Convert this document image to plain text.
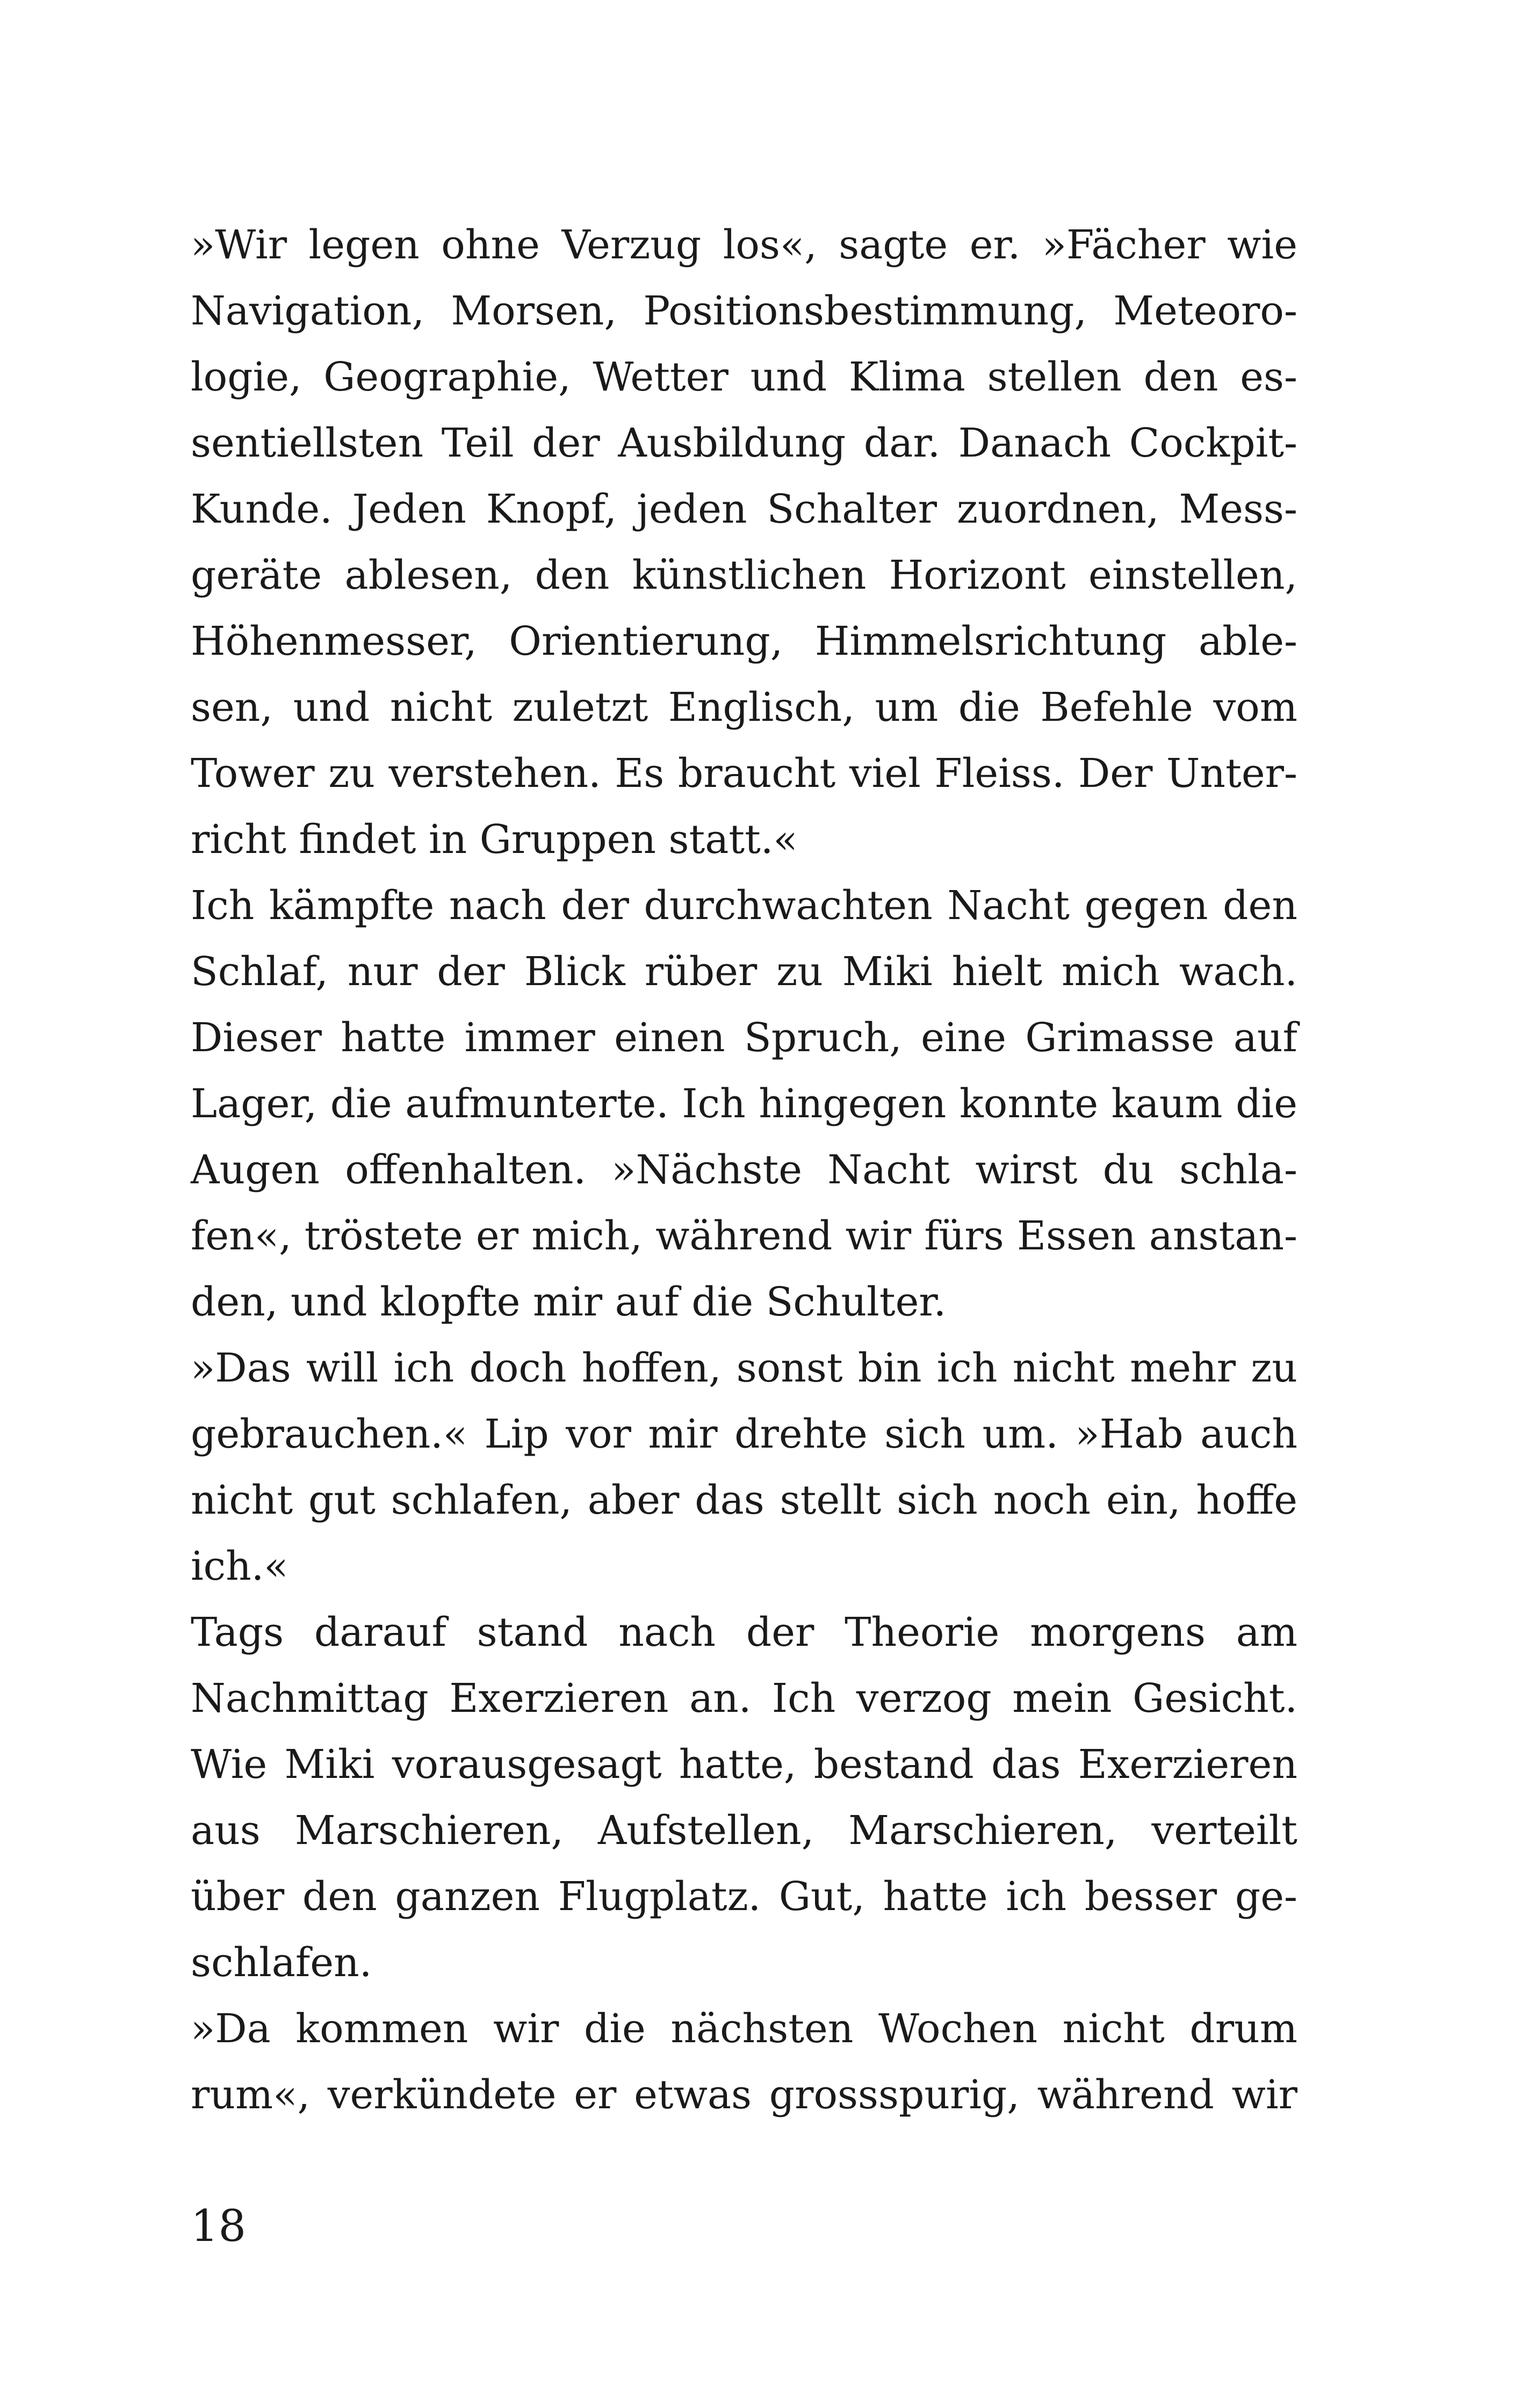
»Wir legen ohne Verzug los«, sagte er. »Fächer wie
Navigation, Morsen, Positionsbestimmung, Meteoro-
logie, Geographie, Wetter und Klima stellen den es-
sentiellsten Teil der Ausbildung dar. Danach Cockpit-
Kunde. Jeden Knopf, jeden Schalter zuordnen, Mess-
geräte ablesen, den künstlichen Horizont einstellen,
Höhenmesser, Orientierung, Himmelsrichtung able-
sen, und nicht zuletzt Englisch, um die Befehle vom
Tower zu verstehen. Es braucht viel Fleiss. Der Unter-
richt findet in Gruppen statt.«
Ich kämpfte nach der durchwachten Nacht gegen den
Schlaf, nur der Blick rüber zu Miki hielt mich wach.
Dieser hatte immer einen Spruch, eine Grimasse auf
Lager, die aufmunterte. Ich hingegen konnte kaum die
Augen offenhalten. »Nächste Nacht wirst du schla-
fen«, tröstete er mich, während wir fürs Essen anstan-
den, und klopfte mir auf die Schulter.
»Das will ich doch hoffen, sonst bin ich nicht mehr zu
gebrauchen.« Lip vor mir drehte sich um. »Hab auch
nicht gut schlafen, aber das stellt sich noch ein, hoffe
ich.«
Tags darauf stand nach der Theorie morgens am
Nachmittag Exerzieren an. Ich verzog mein Gesicht.
Wie Miki vorausgesagt hatte, bestand das Exerzieren
aus Marschieren, Aufstellen, Marschieren, verteilt
über den ganzen Flugplatz. Gut, hatte ich besser ge-
schlafen.
»Da kommen wir die nächsten Wochen nicht drum
rum«, verkündete er etwas grossspurig, während wir
18
